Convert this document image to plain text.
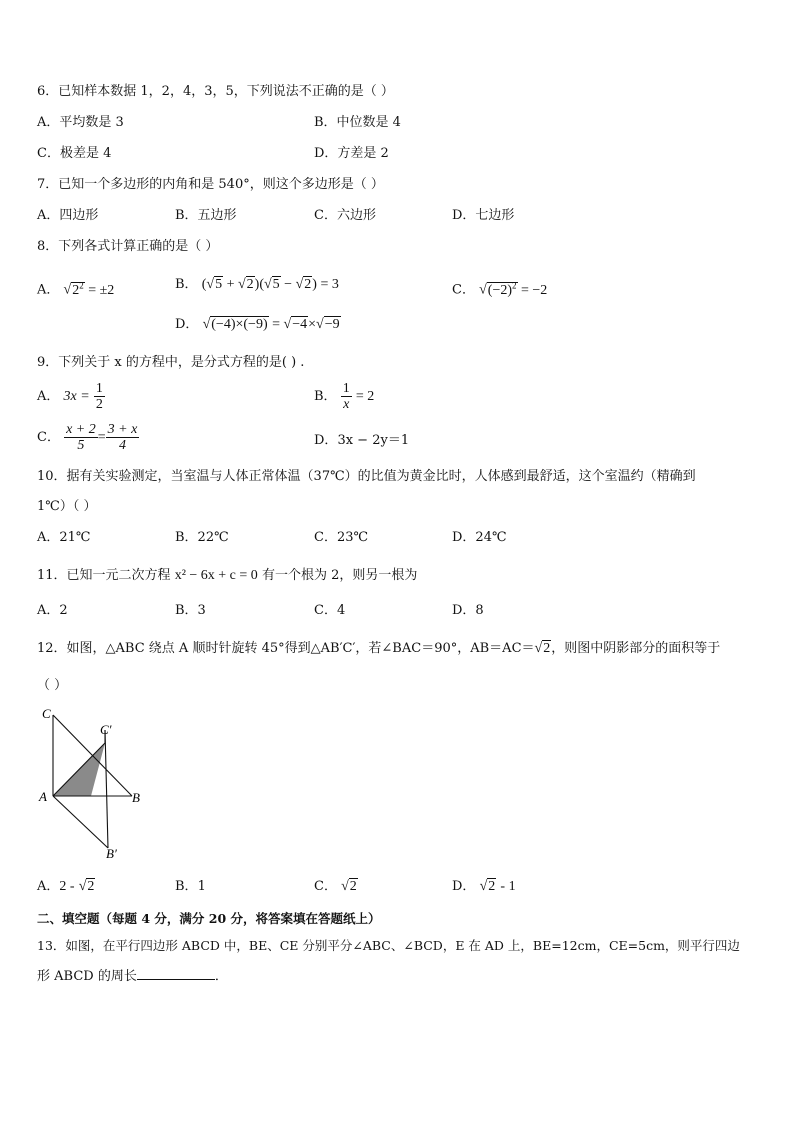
6．已知样本数据 1，2，4，3，5，下列说法不正确的是（ ）
A．平均数是 3	B．中位数是 4
C．极差是 4	D．方差是 2
7．已知一个多边形的内角和是 540°，则这个多边形是（ ）
A．四边形	B．五边形	C．六边形	D．七边形
8．下列各式计算正确的是（ ）
A． $√2^2 = \pm 2$	B． (√5 + √2)(√5 − √2) = 3	C． $√(-2)^2 = -2$
D． √(−4)×(−9) = √−4×√−9
9．下列关于 x 的方程中，是分式方程的是( ) .
A． $3x = \frac{1}{2}$	B． $\frac{1}{x} = 2$
C． $\frac{x + 2}{5} = \frac{3 + x}{4}$	D．3x − 2y＝1
10．据有关实验测定，当室温与人体正常体温（37℃）的比值为黄金比时，人体感到最舒适，这个室温约（精确到
1℃）（ ）
A．21℃	B．22℃	C．23℃	D．24℃
11．已知一元二次方程 x² − 6x + c = 0 有一个根为 2，则另一根为
A．2	B．3	C．4	D．8
12．如图，△ABC 绕点 A 顺时针旋转 45°得到△AB′C′，若∠BAC＝90°，AB＝AC＝√2，则图中阴影部分的面积等于
（ ）
C
C′
A	B
B′
A．2 - √2	B．1	C． √2	D． √2 - 1
二、填空题（每题 4 分，满分 20 分，将答案填在答题纸上）
13．如图，在平行四边形 ABCD 中，BE、CE 分别平分∠ABC、∠BCD，E 在 AD 上，BE=12cm，CE=5cm，则平行四边
形 ABCD 的周长	．
